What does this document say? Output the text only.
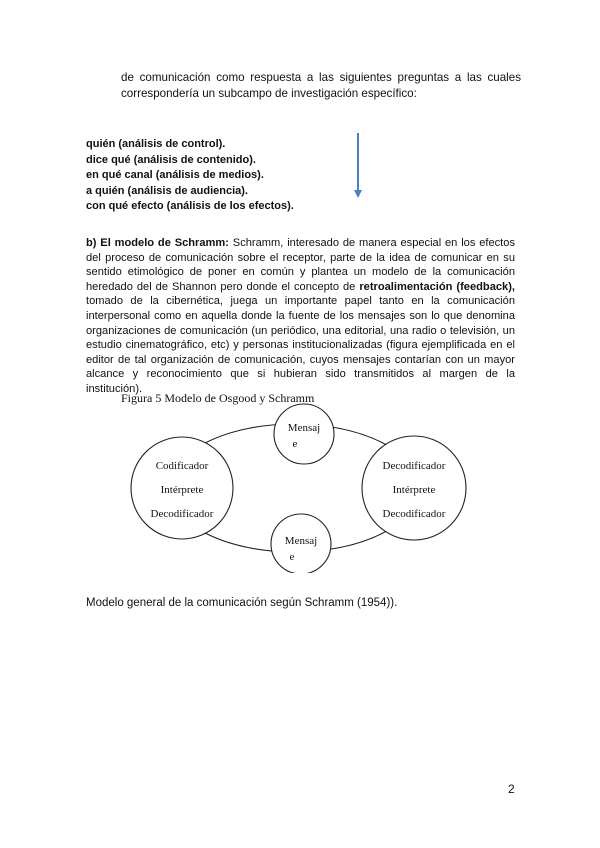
de comunicación como respuesta a las siguientes preguntas a las cuales
correspondería un subcampo de investigación específico:
quién (análisis de control).
dice qué (análisis de contenido).
en qué canal (análisis de medios).
a quién (análisis de audiencia).
con qué efecto (análisis de los efectos).

b) El modelo de Schramm: Schramm, interesado de manera especial en los efectos del proceso de comunicación sobre el receptor, parte de la idea de comunicar en su sentido etimológico de poner en común y plantea un modelo de la comunicación heredado del de Shannon pero donde el concepto de retroalimentación (feedback), tomado de la cibernética, juega un importante papel tanto en la comunicación interpersonal como en aquella donde la fuente de los mensajes son lo que denomina organizaciones de comunicación (un periódico, una editorial, una radio o televisión, un estudio cinematográfico, etc) y personas institucionalizadas (figura ejemplificada en el editor de tal organización de comunicación, cuyos mensajes contarían con un mayor alcance y reconocimiento que si hubieran sido transmitidos al margen de la institución).

Figura 5 Modelo de Osgood y Schramm
Codificador
Intérprete
Decodificador
Decodificador
Intérprete
Decodificador
Mensaj
e
Mensaj
e
Modelo general de la comunicación según Schramm (1954)).
2
